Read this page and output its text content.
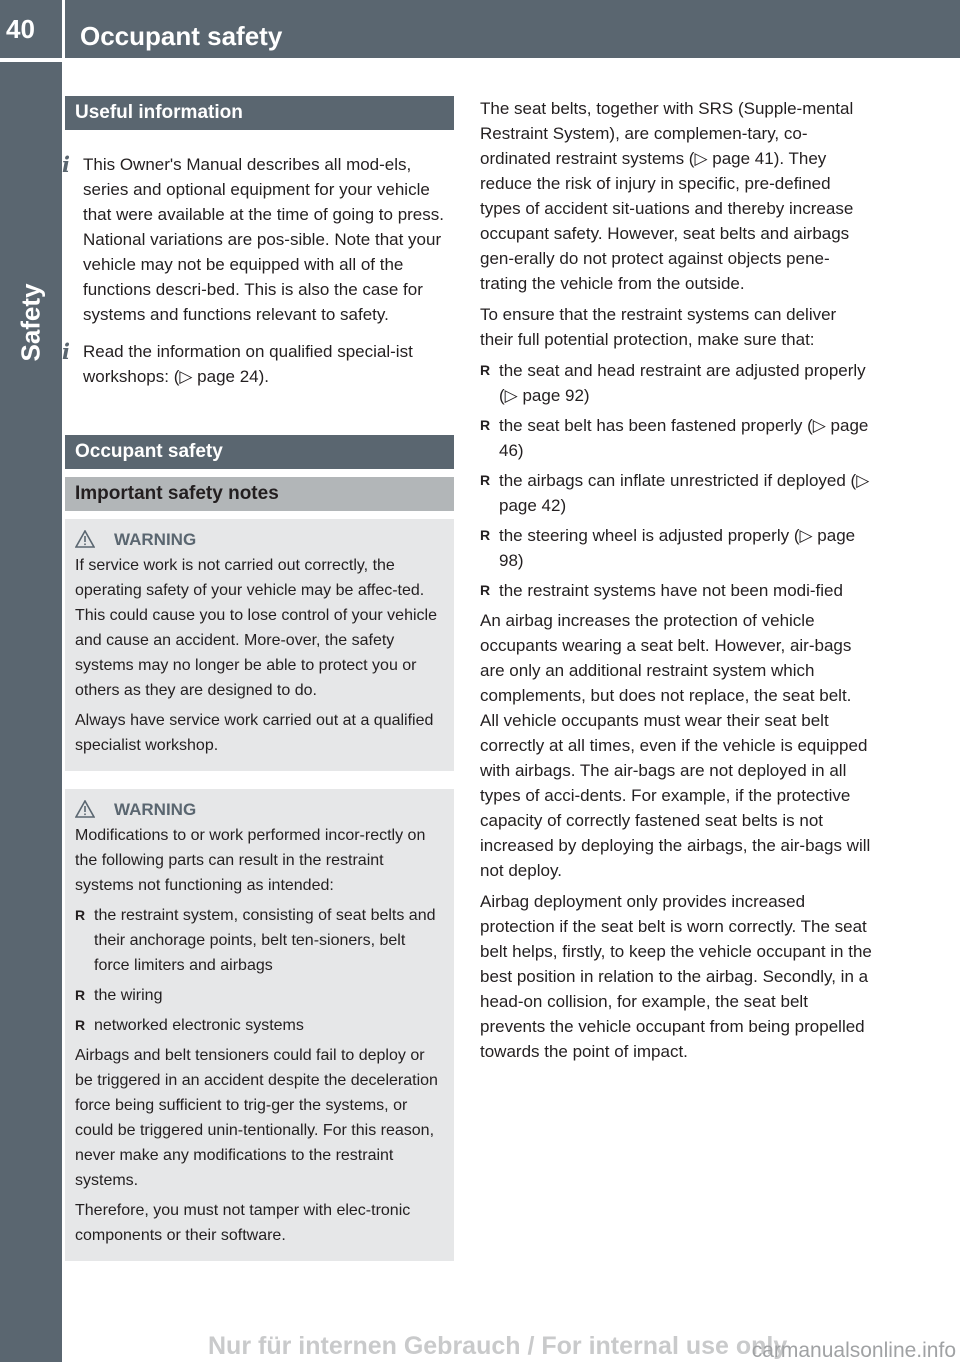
40	Occupant safety
Safety
Useful information

i This Owner's Manual describes all mod-els, series and optional equipment for your vehicle that were available at the time of going to press. National variations are pos-sible. Note that your vehicle may not be equipped with all of the functions descri-bed. This is also the case for systems and functions relevant to safety.

i Read the information on qualified special-ist workshops: (▷ page 24).

Occupant safety
Important safety notes
WARNING

If service work is not carried out correctly, the operating safety of your vehicle may be affec-ted. This could cause you to lose control of your vehicle and cause an accident. More-over, the safety systems may no longer be able to protect you or others as they are designed to do.

Always have service work carried out at a qualified specialist workshop.

WARNING

Modifications to or work performed incor-rectly on the following parts can result in the restraint systems not functioning as intended:

R the restraint system, consisting of seat belts and their anchorage points, belt ten-sioners, belt force limiters and airbags
R the wiring
R networked electronic systems

Airbags and belt tensioners could fail to deploy or be triggered in an accident despite the deceleration force being sufficient to trig-ger the systems, or could be triggered unin-tentionally. For this reason, never make any modifications to the restraint systems.

Therefore, you must not tamper with elec-tronic components or their software.

The seat belts, together with SRS (Supple-mental Restraint System), are complemen-tary, co-ordinated restraint systems (▷ page 41). They reduce the risk of injury in specific, pre-defined types of accident sit-uations and thereby increase occupant safety. However, seat belts and airbags gen-erally do not protect against objects pene-trating the vehicle from the outside.

To ensure that the restraint systems can deliver their full potential protection, make sure that:

R the seat and head restraint are adjusted properly (▷ page 92)
R the seat belt has been fastened properly (▷ page 46)
R the airbags can inflate unrestricted if deployed (▷ page 42)
R the steering wheel is adjusted properly (▷ page 98)
R the restraint systems have not been modi-fied

An airbag increases the protection of vehicle occupants wearing a seat belt. However, air-bags are only an additional restraint system which complements, but does not replace, the seat belt. All vehicle occupants must wear their seat belt correctly at all times, even if the vehicle is equipped with airbags. The air-bags are not deployed in all types of acci-dents. For example, if the protective capacity of correctly fastened seat belts is not increased by deploying the airbags, the air-bags will not deploy.

Airbag deployment only provides increased protection if the seat belt is worn correctly. The seat belt helps, firstly, to keep the vehicle occupant in the best position in relation to the airbag. Secondly, in a head-on collision, for example, the seat belt prevents the vehicle occupant from being propelled towards the point of impact.

Nur für internen Gebrauch / For internal use only
carmanualsonline.info
